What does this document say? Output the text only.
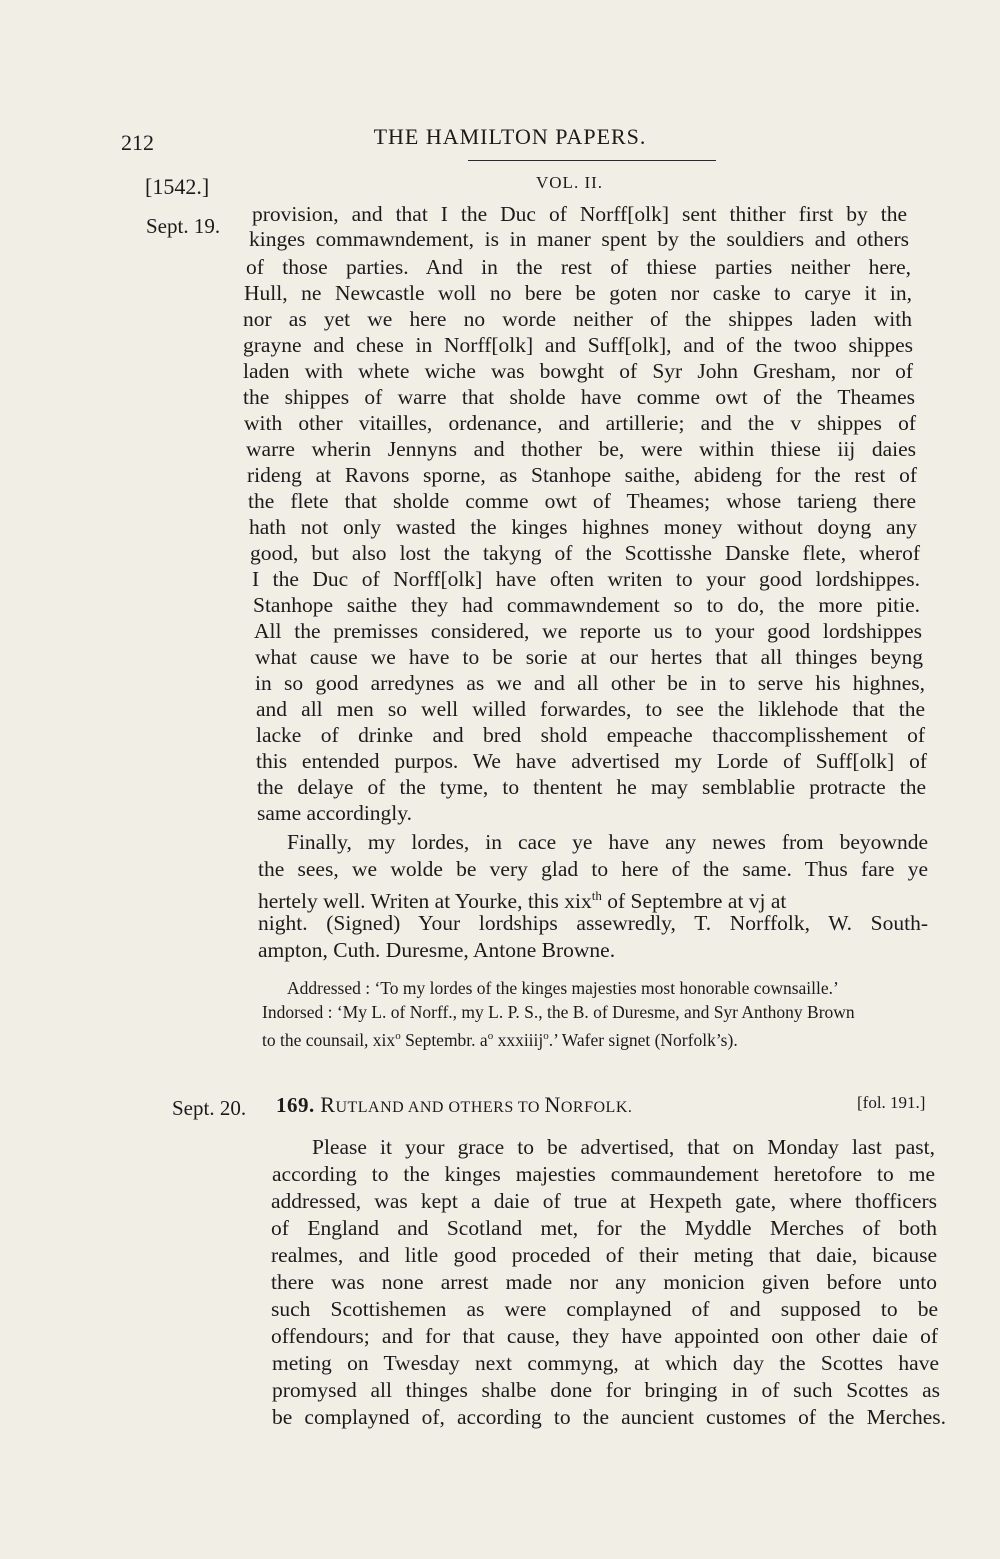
212	THE HAMILTON PAPERS.
[1542.]	VOL. II.
Sept. 19. provision, and that I the Duc of Norff[olk] sent thither first by the
kinges commawndement, is in maner spent by the souldiers and others
of those parties. And in the rest of thiese parties neither here,
Hull, ne Newcastle woll no bere be goten nor caske to carye it in,
nor as yet we here no worde neither of the shippes laden with
grayne and chese in Norff[olk] and Suff[olk], and of the twoo shippes
laden with whete wiche was bowght of Syr John Gresham, nor of
the shippes of warre that sholde have comme owt of the Theames
with other vitailles, ordenance, and artillerie; and the v shippes of
warre wherin Jennyns and thother be, were within thiese iij daies
rideng at Ravons sporne, as Stanhope saithe, abideng for the rest of
the flete that sholde comme owt of Theames; whose tarieng there
hath not only wasted the kinges highnes money without doyng any
good, but also lost the takyng of the Scottisshe Danske flete, wherof
I the Duc of Norff[olk] have often writen to your good lordshippes.
Stanhope saithe they had commawndement so to do, the more pitie.
All the premisses considered, we reporte us to your good lordshippes
what cause we have to be sorie at our hertes that all thinges beyng
in so good arredynes as we and all other be in to serve his highnes,
and all men so well willed forwardes, to see the liklehode that the
lacke of drinke and bred shold empeache thaccomplisshement of
this entended purpos. We have advertised my Lorde of Suff[olk] of
the delaye of the tyme, to thentent he may semblablie protracte the
same accordingly.
Finally, my lordes, in cace ye have any newes from beyownde
the sees, we wolde be very glad to here of the same. Thus fare ye
hertely well. Writen at Yourke, this xix$^{th}$ of Septembre at vj at
night. (Signed) Your lordships assewredly, T. Norffolk, W. South-
ampton, Cuth. Duresme, Antone Browne.
Addressed : ‘To my lordes of the kinges majesties most honorable cownsaille.’
Indorsed : ‘My L. of Norff., my L. P. S., the B. of Duresme, and Syr Anthony Brown
to the counsail, xix$^o$ Septembr. $a^o$ xxxiiij$^o$.’ Wafer signet (Norfolk’s).
Sept. 20. 169. RUTLAND AND OTHERS TO NORFOLK.	[fol. 191.]
Please it your grace to be advertised, that on Monday last past,
according to the kinges majesties commaundement heretofore to me
addressed, was kept a daie of true at Hexpeth gate, where thofficers
of England and Scotland met, for the Myddle Merches of both
realmes, and litle good proceded of their meting that daie, bicause
there was none arrest made nor any monicion given before unto
such Scottishemen as were complayned of and supposed to be
offendours; and for that cause, they have appointed oon other daie of
meting on Twesday next commyng, at which day the Scottes have
promysed all thinges shalbe done for bringing in of such Scottes as
be complayned of, according to the auncient customes of the Merches.
